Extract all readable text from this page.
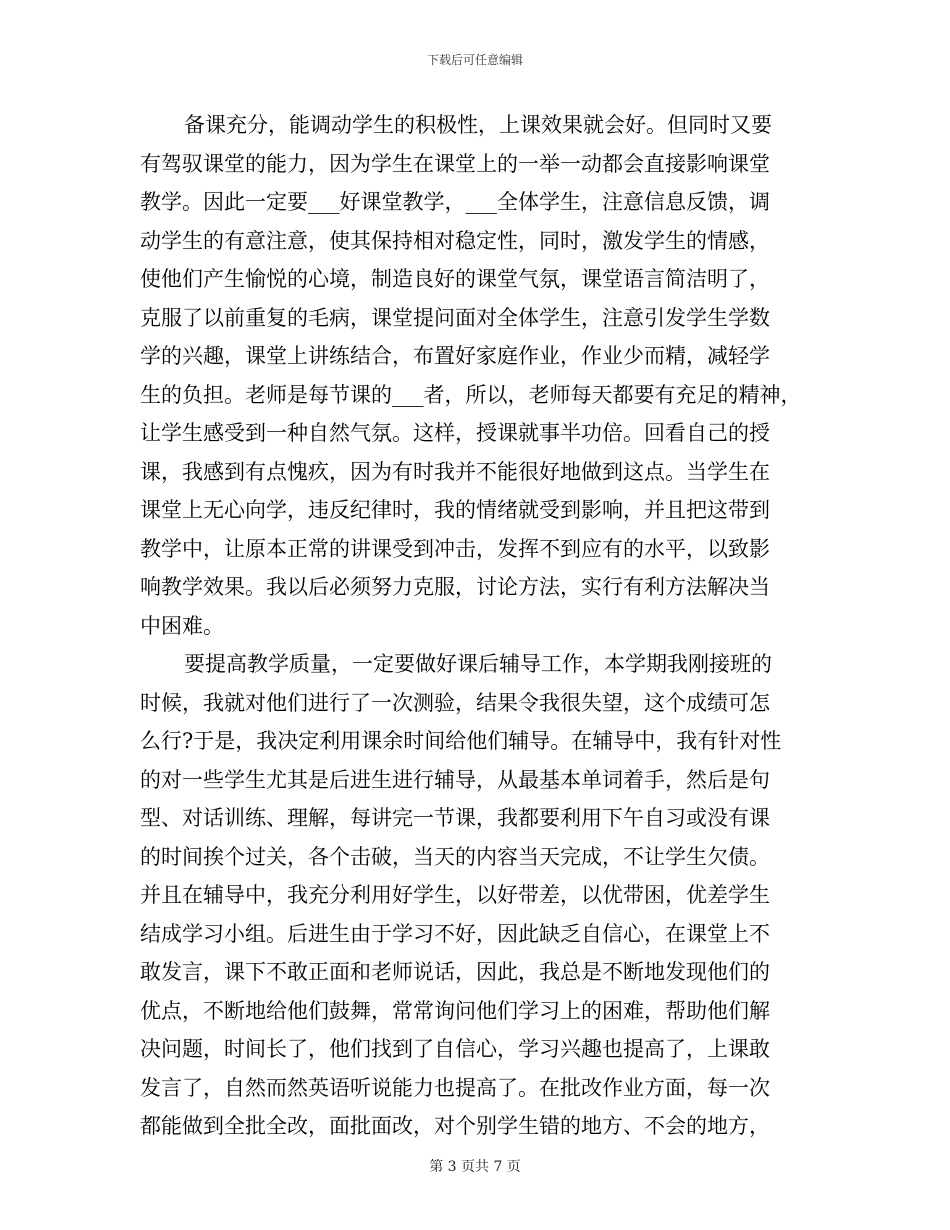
下载后可任意编辑
备课充分，能调动学生的积极性，上课效果就会好。但同时又要
有驾驭课堂的能力，因为学生在课堂上的一举一动都会直接影响课堂
教学。因此一定要___好课堂教学，___全体学生，注意信息反馈，调
动学生的有意注意，使其保持相对稳定性，同时，激发学生的情感，
使他们产生愉悦的心境，制造良好的课堂气氛，课堂语言简洁明了，
克服了以前重复的毛病，课堂提问面对全体学生，注意引发学生学数
学的兴趣，课堂上讲练结合，布置好家庭作业，作业少而精，减轻学
生的负担。老师是每节课的___者，所以，老师每天都要有充足的精神，
让学生感受到一种自然气氛。这样，授课就事半功倍。回看自己的授
课，我感到有点愧疚，因为有时我并不能很好地做到这点。当学生在
课堂上无心向学，违反纪律时，我的情绪就受到影响，并且把这带到
教学中，让原本正常的讲课受到冲击，发挥不到应有的水平，以致影
响教学效果。我以后必须努力克服，讨论方法，实行有利方法解决当
中困难。
要提高教学质量，一定要做好课后辅导工作，本学期我刚接班的
时候，我就对他们进行了一次测验，结果令我很失望，这个成绩可怎
么行?于是，我决定利用课余时间给他们辅导。在辅导中，我有针对性
的对一些学生尤其是后进生进行辅导，从最基本单词着手，然后是句
型、对话训练、理解，每讲完一节课，我都要利用下午自习或没有课
的时间挨个过关，各个击破，当天的内容当天完成，不让学生欠债。
并且在辅导中，我充分利用好学生，以好带差，以优带困，优差学生
结成学习小组。后进生由于学习不好，因此缺乏自信心，在课堂上不
敢发言，课下不敢正面和老师说话，因此，我总是不断地发现他们的
优点，不断地给他们鼓舞，常常询问他们学习上的困难，帮助他们解
决问题，时间长了，他们找到了自信心，学习兴趣也提高了，上课敢
发言了，自然而然英语听说能力也提高了。在批改作业方面，每一次
都能做到全批全改，面批面改，对个别学生错的地方、不会的地方，
第 3 页共 7 页
